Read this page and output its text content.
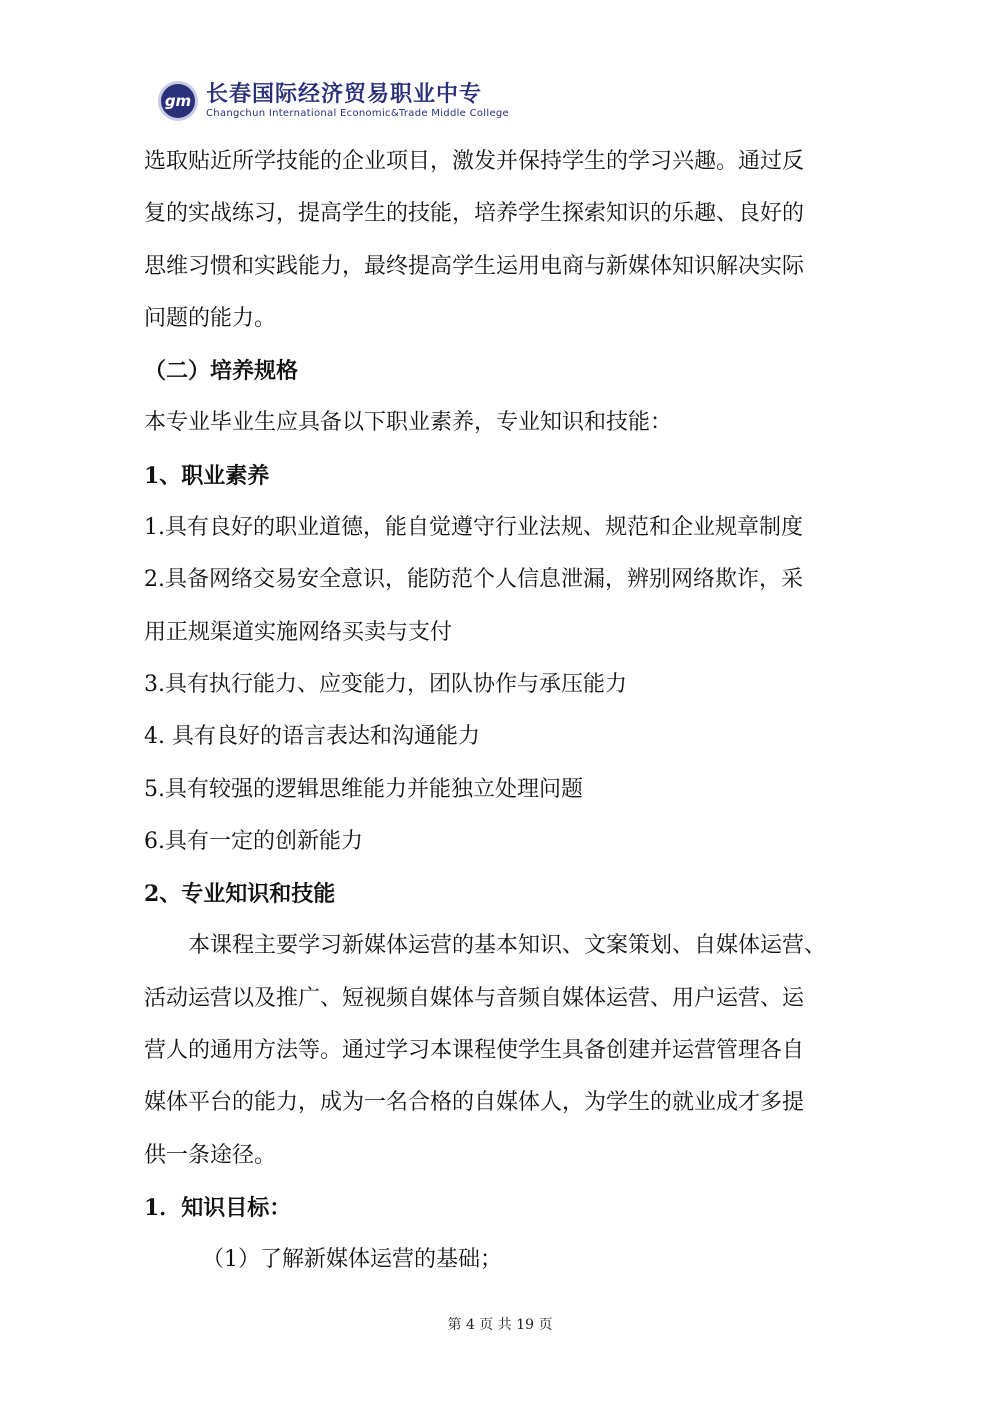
gm 长春国际经济贸易职业中专
Changchun International Economic&Trade Middle College
选取贴近所学技能的企业项目，激发并保持学生的学习兴趣。通过反
复的实战练习，提高学生的技能，培养学生探索知识的乐趣、良好的
思维习惯和实践能力，最终提高学生运用电商与新媒体知识解决实际
问题的能力。
（二）培养规格
本专业毕业生应具备以下职业素养，专业知识和技能：
1、职业素养
1.具有良好的职业道德，能自觉遵守行业法规、规范和企业规章制度
2.具备网络交易安全意识，能防范个人信息泄漏，辨别网络欺诈，采
用正规渠道实施网络买卖与支付
3.具有执行能力、应变能力，团队协作与承压能力
4. 具有良好的语言表达和沟通能力
5.具有较强的逻辑思维能力并能独立处理问题
6.具有一定的创新能力
2、专业知识和技能
本课程主要学习新媒体运营的基本知识、文案策划、自媒体运营、
活动运营以及推广、短视频自媒体与音频自媒体运营、用户运营、运
营人的通用方法等。通过学习本课程使学生具备创建并运营管理各自
媒体平台的能力，成为一名合格的自媒体人，为学生的就业成才多提
供一条途径。
1．知识目标：
（1）了解新媒体运营的基础；
第 4 页 共 19 页
